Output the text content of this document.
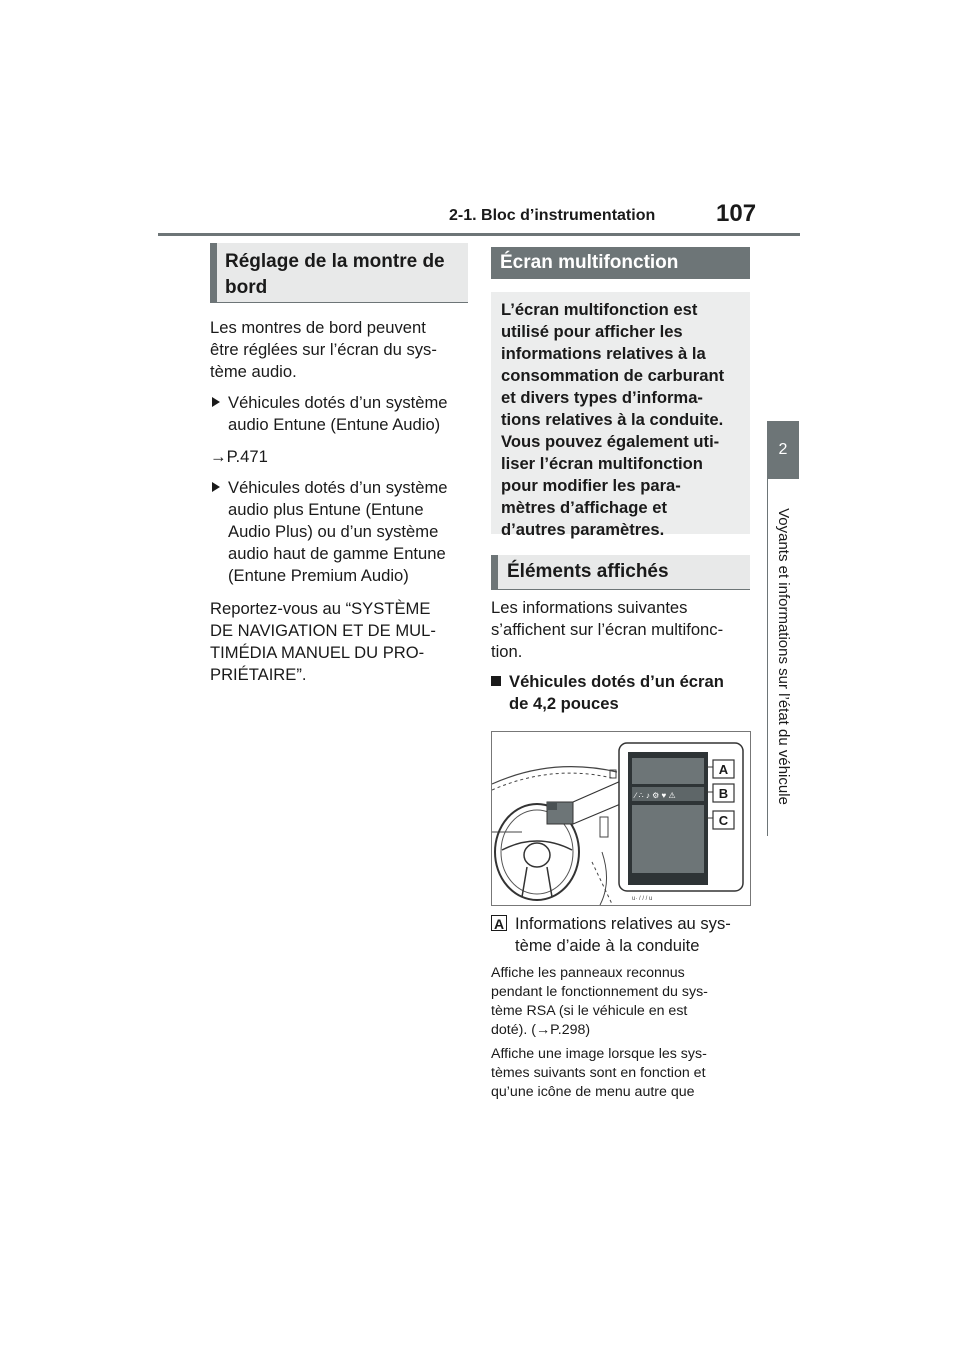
2-1. Bloc d’instrumentation	107
2
Voyants et informations sur l’état du véhicule
Réglage de la montre de
bord
Les montres de bord peuvent
être réglées sur l’écran du sys-
tème audio.
Véhicules dotés d’un système
audio Entune (Entune Audio)
→P.471
Véhicules dotés d’un système
audio plus Entune (Entune
Audio Plus) ou d’un système
audio haut de gamme Entune
(Entune Premium Audio)
Reportez-vous au “SYSTÈME
DE NAVIGATION ET DE MUL-
TIMÉDIA MANUEL DU PRO-
PRIÉTAIRE”.
Écran multifonction
L’écran multifonction est
utilisé pour afficher les
informations relatives à la
consommation de carburant
et divers types d’informa-
tions relatives à la conduite.
Vous pouvez également uti-
liser l’écran multifonction
pour modifier les para-
mètres d’affichage et
d’autres paramètres.
Éléments affichés
Les informations suivantes
s’affichent sur l’écran multifonc-
tion.
Véhicules dotés d’un écran
de 4,2 pouces
∕ ∴ ♪ ⚙ ♥ ⚠
u· / / / u
A
B
C
A Informations relatives au sys-
tème d’aide à la conduite
Affiche les panneaux reconnus
pendant le fonctionnement du sys-
tème RSA (si le véhicule en est
doté). (→P.298)
Affiche une image lorsque les sys-
tèmes suivants sont en fonction et
qu’une icône de menu autre que
